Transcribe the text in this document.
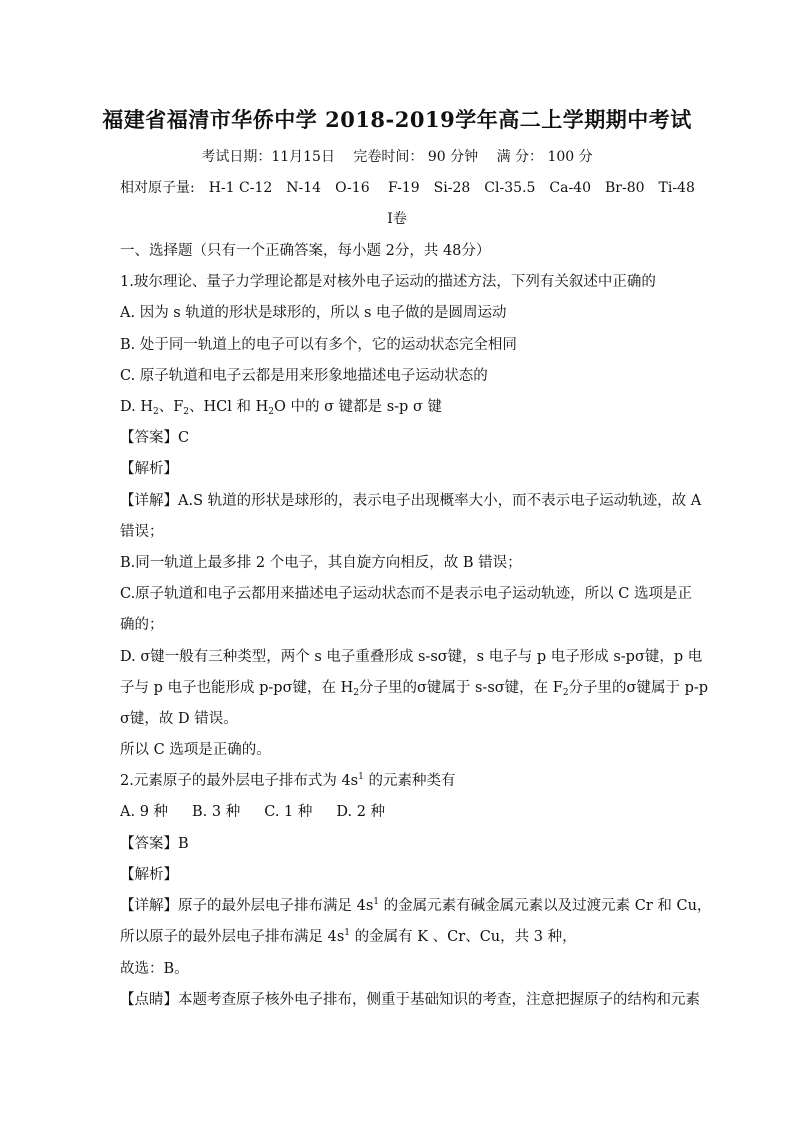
福建省福清市华侨中学 2018-2019学年高二上学期期中考试
考试日期：11月15日　 完卷时间： 90 分钟　 满 分： 100 分
相对原子量:　H-1 C-12　N-14　O-16　 F-19　Si-28　Cl-35.5　Ca-40　Br-80　Ti-48
I卷
一、选择题（只有一个正确答案，每小题 2分，共 48分）
1.玻尔理论、量子力学理论都是对核外电子运动的描述方法，下列有关叙述中正确的
A. 因为 s 轨道的形状是球形的，所以 s 电子做的是圆周运动
B. 处于同一轨道上的电子可以有多个，它的运动状态完全相同
C. 原子轨道和电子云都是用来形象地描述电子运动状态的
D. $H_2$、$F_2$、HCl 和 $H_2O$ 中的 σ 键都是 s-p σ 键
【答案】C
【解析】
【详解】A.S 轨道的形状是球形的，表示电子出现概率大小，而不表示电子运动轨迹，故 A
错误；
B.同一轨道上最多排 2 个电子，其自旋方向相反，故 B 错误；
C.原子轨道和电子云都用来描述电子运动状态而不是表示电子运动轨迹，所以 C 选项是正
确的；
D. σ键一般有三种类型，两个 s 电子重叠形成 s-sσ键，s 电子与 p 电子形成 s-pσ键，p 电
子与 p 电子也能形成 p-pσ键，在 $H_2$分子里的σ键属于 s-sσ键，在 $F_2$分子里的σ键属于 p-p
σ键，故 D 错误。
所以 C 选项是正确的。
2.元素原子的最外层电子排布式为 $4s^1$ 的元素种类有
A. 9 种 B. 3 种 C. 1 种 D. 2 种
【答案】B
【解析】
【详解】原子的最外层电子排布满足 $4s^1$ 的金属元素有碱金属元素以及过渡元素 Cr 和 Cu，
所以原子的最外层电子排布满足 $4s^1$ 的金属有 K 、Cr、Cu，共 3 种，
故选：B。
【点睛】本题考查原子核外电子排布，侧重于基础知识的考查，注意把握原子的结构和元素
